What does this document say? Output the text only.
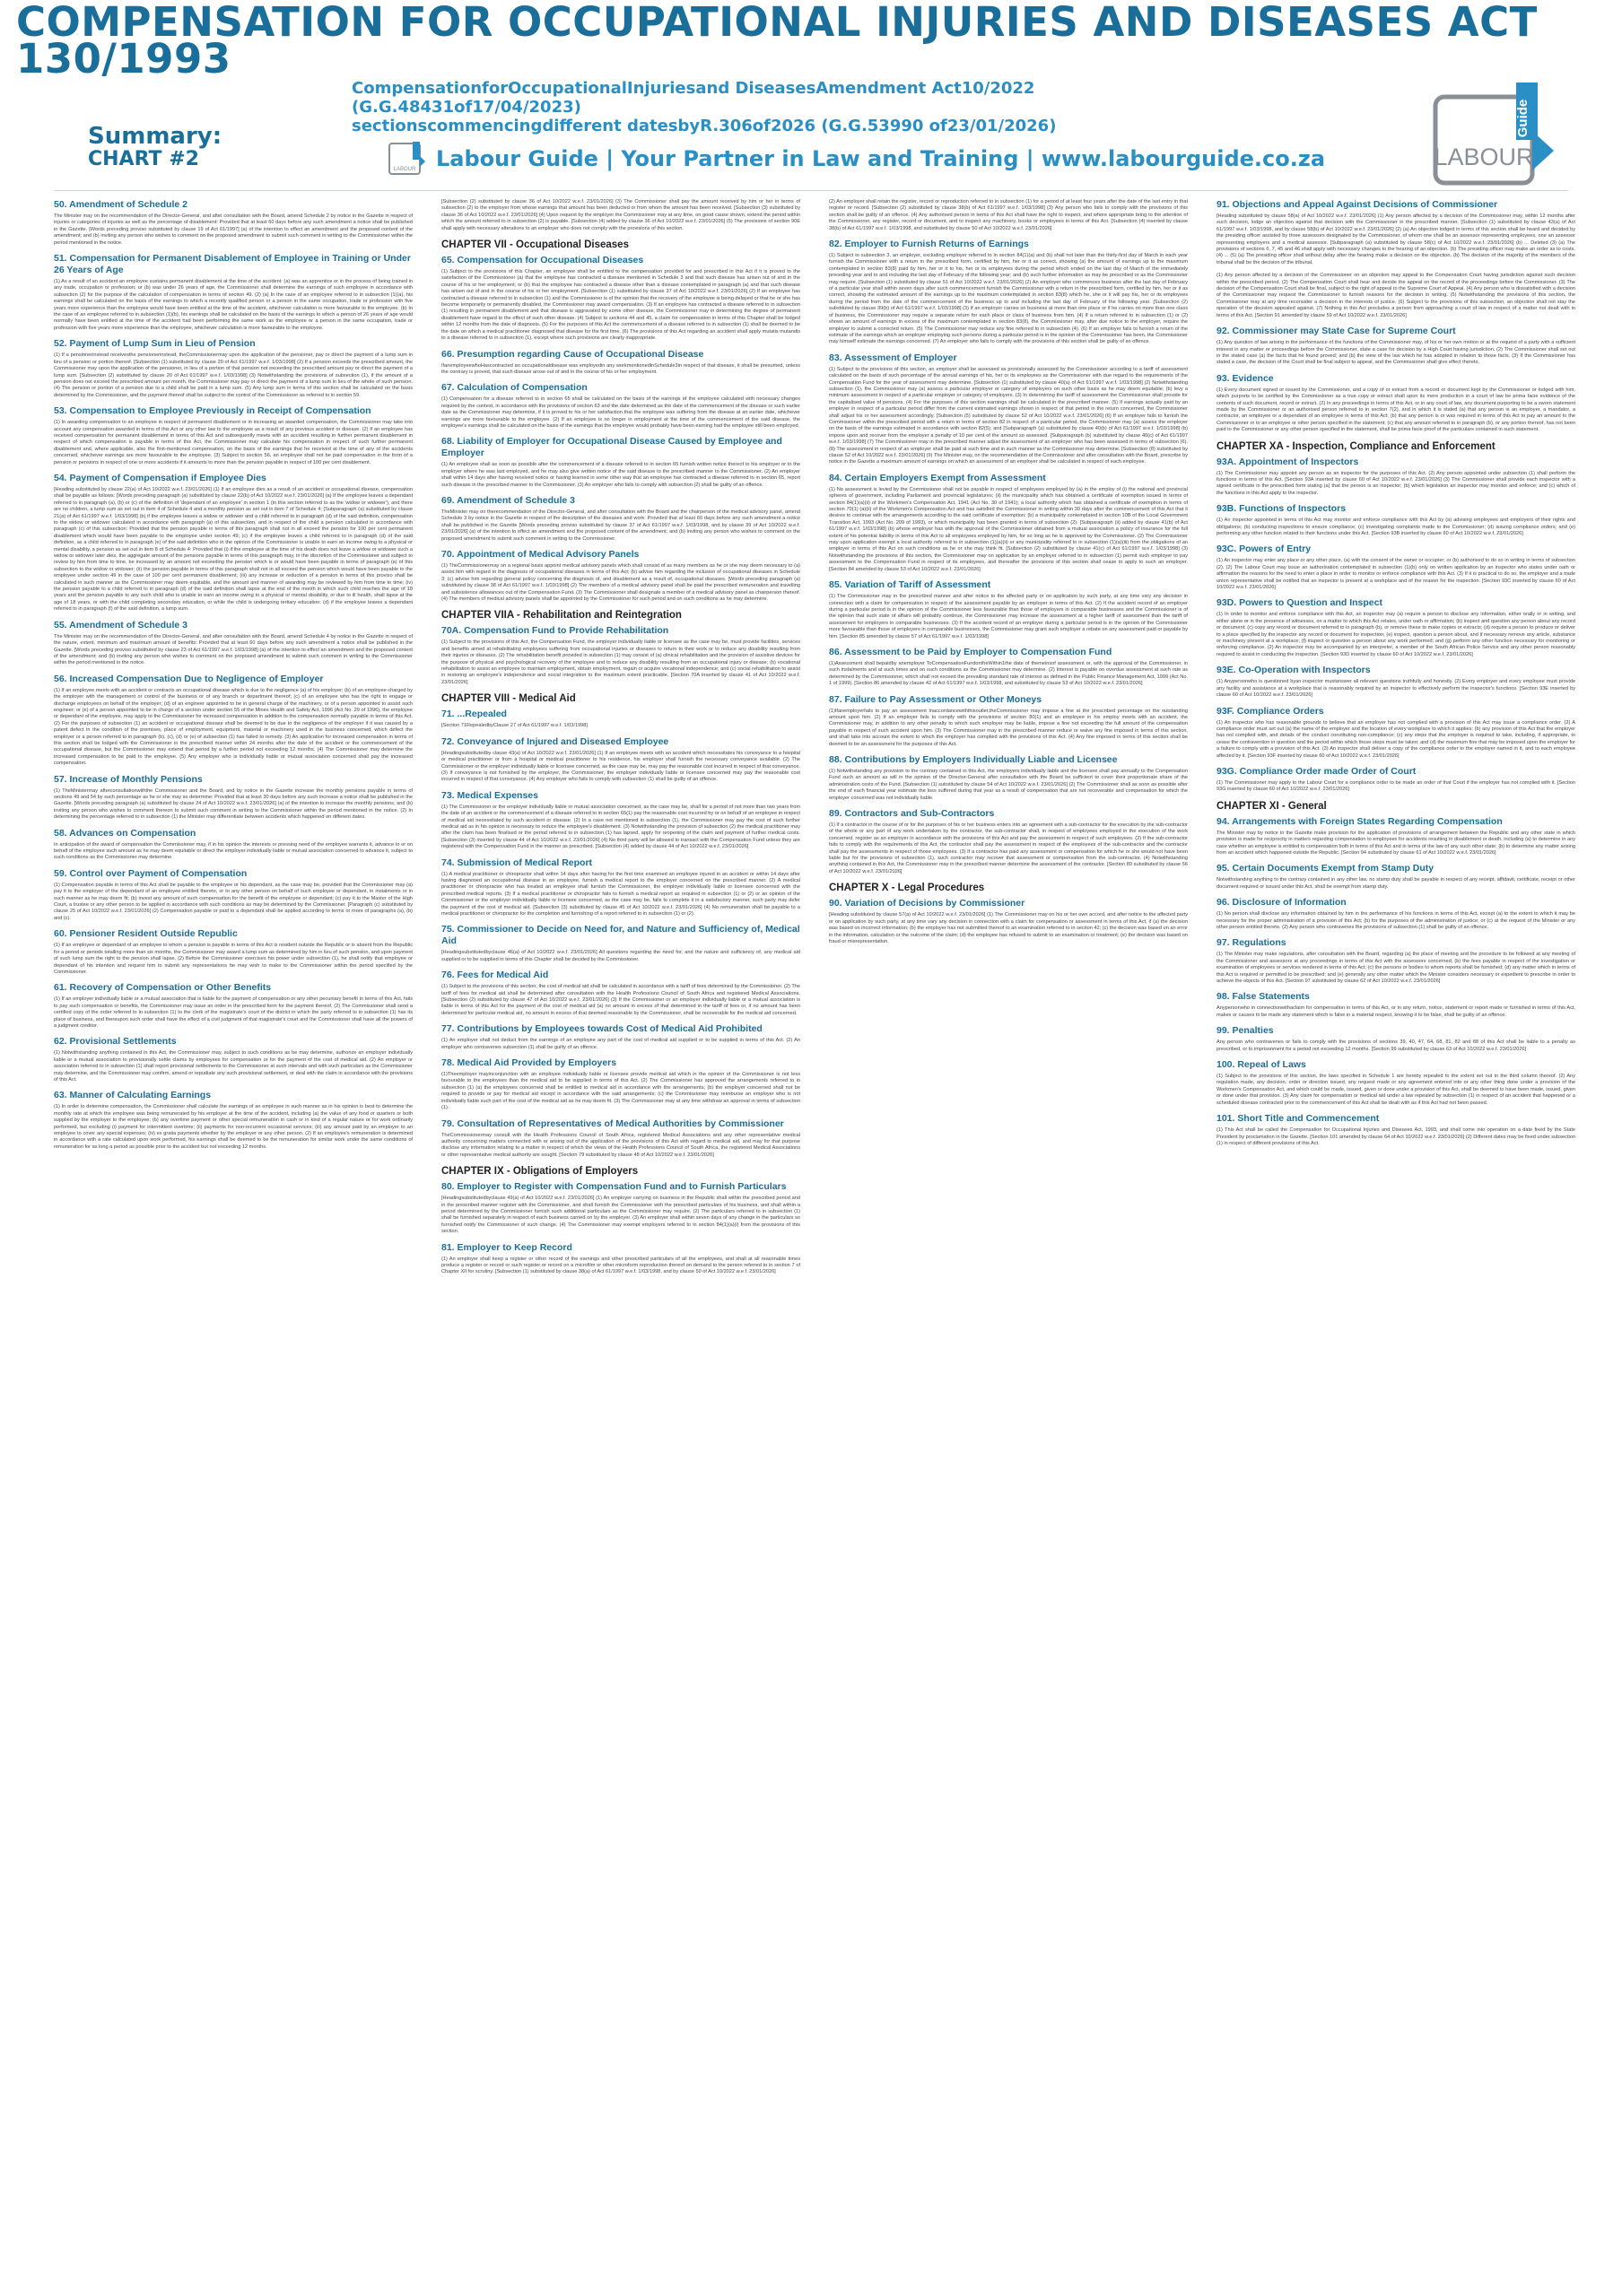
COMPENSATION FOR OCCUPATIONAL INJURIES AND DISEASES ACT 130/1993
CompensationforOccupationalInjuriesand DiseasesAmendment Act10/2022 (G.G.48431of17/04/2023)
sectionscommencingdifferent datesbyR.306of2026 (G.G.53990 of23/01/2026)
Summary:
CHART #2	LABOUR Labour Guide | Your Partner in Law and Training | www.labourguide.co.za
Guide
LABOUR
50. Amendment of Schedule 2
The Minister may on the recommendation of the Director-General, and after consultation with the Board, amend Schedule 2 by notice in the Gazette in respect of injuries or categories of injuries as well as the percentage of disablement: Provided that at least 60 days before any such amendment a notice shall be published in the Gazette. [Words preceding proviso substituted by clause 19 of Act 61/1997] (a) of the intention to effect an amendment and the proposed content of the amendment; and (b) inviting any person who wishes to comment on the proposed amendment to submit such comment in writing to the Commissioner within the period mentioned in the notice.
51. Compensation for Permanent Disablement of Employee in Training or Under 26 Years of Age
(1) As a result of an accident an employee sustains permanent disablement at the time of the accident: (a) was an apprentice or in the process of being trained in any trade, occupation or profession; or (b) was under 26 years of age, the Commissioner shall determine the earnings of such employee in accordance with subsection (2) for the purpose of the calculation of compensation in terms of section 49. (2) (a) In the case of an employee referred to in subsection (1)(a), his earnings shall be calculated on the basis of the earnings to which a recently qualified person or a person in the same occupation, trade or profession with five years more experience than the employee would have been entitled at the time of the accident, whichever calculation is more favourable to the employee. (b) In the case of an employee referred to in subsection (1)(b), his earnings shall be calculated on the basis of the earnings to which a person of 26 years of age would normally have been entitled at the time of the accident had been performing the same work as the employee or a person in the same occupation, trade or profession with five years more experience than the employee, whichever calculation is more favourable to the employee.
52. Payment of Lump Sum in Lieu of Pension
(1) If a pensionerinstead receivesthe pensionerinstead, theCommissionermay upon the application of the pensioner, pay or direct the payment of a lump sum in lieu of a pension or portion thereof. [Subsection (1) substituted by clause 20 of Act 61/1997 w.e.f. 1/03/1998] (2) If a pension exceeds the prescribed amount, the Commissioner may upon the application of the pensioner, in lieu of a portion of that pension not exceeding the prescribed amount pay or direct the payment of a lump sum. [Subsection (2) substituted by clause 20 of Act 61/1997 w.e.f. 1/03/1998] (3) Notwithstanding the provisions of subsection (1), if the amount of a pension does not exceed the prescribed amount per month, the Commissioner may pay or direct the payment of a lump sum in lieu of the whole of such pension. (4) The pension or portion of a pension due to a child shall be paid in a lump sum. (5) Any lump sum in terms of this section shall be calculated on the basis determined by the Commissioner, and the payment thereof shall be subject to the control of the Commissioner as referred to in section 59.
53. Compensation to Employee Previously in Receipt of Compensation
(1) In awarding compensation to an employee in respect of permanent disablement or in increasing an awarded compensation, the Commissioner may take into account any compensation awarded in terms of this Act or any other law to the employee as a result of any previous accident or disease. (2) If an employee has received compensation for permanent disablement in terms of this Act and subsequently meets with an accident resulting in further permanent disablement in respect of which compensation is payable in terms of this Act, the Commissioner may calculate his compensation in respect of such further permanent disablement and, where applicable, also the first-mentioned compensation, on the basis of the earnings that he received at the time of any of the accidents concerned, whichever earnings are more favourable to the employee. (3) Subject to section 56, an employee shall not be paid compensation in the form of a pension or pensions in respect of one or more accidents if it amounts to more than the pension payable in respect of 100 per cent disablement.
54. Payment of Compensation if Employee Dies
[Heading substituted by clause 22(a) of Act 10/2022 w.e.f. 23/01/2026] (1) If an employee dies as a result of an accident or occupational disease, compensation shall be payable as follows: [Words preceding paragraph (a) substituted by clause 22(b) of Act 10/2022 w.e.f. 23/01/2026] (a) If the employee leaves a dependant referred to in paragraph (a), (b) or (c) of the definition of 'dependant of an employee' in section 1 (in this section referred to as the 'widow or widower'), and there are no children, a lump sum as set out in item 4 of Schedule 4 and a monthly pension as set out in item 7 of Schedule 4; [Subparagraph (a) substituted by clause 21(a) of Act 61/1997 w.e.f. 1/03/1998] (b) if the employee leaves a widow or widower and a child referred to in paragraph (d) of the said definition, compensation to the widow or widower calculated in accordance with paragraph (a) of this subsection, and in respect of the child a pension calculated in accordance with paragraph (c) of this subsection: Provided that the pension payable in terms of this paragraph shall not in all exceed the pension for 100 per cent permanent disablement which would have been payable to the employee under section 49; (c) if the employee leaves a child referred to in paragraph (d) of the said definition, as a child referred to in paragraph (e) of the said definition who in the opinion of the Commissioner is unable to earn an income owing to a physical or mental disability, a pension as set out in item 8 of Schedule 4: Provided that (i) if the employee at the time of his death does not leave a widow or widower such a widow or widower later dies, the aggregate amount of the pensions payable in terms of this paragraph may, in the discretion of the Commissioner and subject to review by him from time to time, be increased by an amount not exceeding the pension which is or would have been payable in terms of paragraph (a) of this subsection to the widow or widower; (ii) the pension payable in terms of this paragraph shall not in all exceed the pension which would have been payable to the employee under section 49 in the case of 100 per cent permanent disablement; (iii) any increase or reduction of a pension in terms of this proviso shall be calculated in such manner as the Commissioner may deem equitable, and the amount and manner of awarding may be reviewed by him from time to time; (iv) the pension payable to a child referred to in paragraph (d) of the said definition shall lapse at the end of the month in which such child reaches the age of 18 years and the pension payable to any such child who is unable to earn an income owing to a physical or mental disability, or due to ill health, shall lapse at the age of 18 years, or with the child completing secondary education, or while the child is undergoing tertiary education; (d) if the employee leaves a dependant referred to in paragraph (f) of the said definition, a lump sum.
55. Amendment of Schedule 3
The Minister may on the recommendation of the Director-General, and after consultation with the Board, amend Schedule 4 by notice in the Gazette in respect of the nature, extent, minimum and maximum amount of benefits: Provided that at least 60 days before any such amendment a notice shall be published in the Gazette. [Words preceding proviso substituted by clause 23 of Act 61/1997 w.e.f. 1/03/1998] (a) of the intention to effect an amendment and the proposed content of the amendment; and (b) inviting any person who wishes to comment on the proposed amendment to submit such comment in writing to the Commissioner within the period mentioned in the notice.
56. Increased Compensation Due to Negligence of Employer
(1) If an employee meets with an accident or contracts an occupational disease which is due to the negligence (a) of his employer; (b) of an employee charged by the employer with the management or control of the business or of any branch or department thereof; (c) of an employee who has the right to engage or discharge employees on behalf of the employer; (d) of an engineer appointed to be in general charge of the machinery, or of a person appointed to assist such engineer; or (e) of a person appointed to be in charge of a section under section 55 of the Mines Health and Safety Act, 1996 (Act No. 29 of 1996), the employee or dependant of the employee, may apply to the Commissioner for increased compensation in addition to the compensation normally payable in terms of this Act. (2) For the purposes of subsection (1) an accident or occupational disease shall be deemed to be due to the negligence of the employer if it was caused by a patent defect in the condition of the premises, place of employment, equipment, material or machinery used in the business concerned, which defect the employer or a person referred to in paragraph (b), (c), (d) or (e) of subsection (1) has failed to remedy. (3) An application for increased compensation in terms of this section shall be lodged with the Commissioner in the prescribed manner within 24 months after the date of the accident or the commencement of the occupational disease, but the Commissioner may extend that period by a further period not exceeding 12 months. (4) The Commissioner may determine the increased compensation to be paid to the employee. (5) Any employer who is individually liable or mutual association concerned shall pay the increased compensation.
57. Increase of Monthly Pensions
(1) TheMinistermay afterconsultationwiththe Commissioner and the Board, and by notice in the Gazette increase the monthly pensions payable in terms of sections 49 and 54 by such percentage as he or she may so determine: Provided that at least 30 days before any such increase a notice shall be published in the Gazette. [Words preceding paragraph (a) substituted by clause 24 of Act 10/2022 w.e.f. 23/01/2026] (a) of the intention to increase the monthly pensions; and (b) inviting any person who wishes to comment thereon to submit such comment in writing to the Commissioner within the period mentioned in the notice. (2) In determining the percentage referred to in subsection (1) the Minister may differentiate between accidents which happened on different dates.
58. Advances on Compensation
In anticipation of the award of compensation the Commissioner may, if in his opinion the interests or pressing need of the employee warrants it, advance to or on behalf of the employee such amount as he may deem equitable or direct the employer individually liable or mutual association concerned to advance it, subject to such conditions as the Commissioner may determine.
59. Control over Payment of Compensation
(1) Compensation payable in terms of this Act shall be payable to the employee or his dependant, as the case may be, provided that the Commissioner may (a) pay it to the employer of the dependant of an employee entitled thereto, or to any other person on behalf of such employee or dependant, in instalments or in such manner as he may deem fit; (b) invest any amount of such compensation for the benefit of the employee or dependant; (c) pay it to the Master of the High Court, a trustee or any other person to be applied in accordance with such conditions as may be determined by the Commissioner. [Paragraph (c) substituted by clause 25 of Act 10/2022 w.e.f. 23/01/2026] (2) Compensation payable or paid to a dependant shall be applied according to terms or more of paragraphs (a), (b) and (c).
60. Pensioner Resident Outside Republic
(1) If an employee or dependant of an employee to whom a pension is payable in terms of this Act is resident outside the Republic or is absent from the Republic for a period or periods totalling more than six months, the Commissioner may award a lump sum as determined by him in lieu of such pension, and upon payment of such lump sum the right to the pension shall lapse. (2) Before the Commissioner exercises his power under subsection (1), he shall notify that employee or dependant of his intention and request him to submit any representations he may wish to make to the Commissioner within the period specified by the Commissioner.
61. Recovery of Compensation or Other Benefits
(1) If an employer individually liable or a mutual association that is liable for the payment of compensation or any other pecuniary benefit in terms of this Act, fails to pay such compensation or benefits, the Commissioner may issue an order in the prescribed form for the payment thereof. (2) The Commissioner shall send a certified copy of the order referred to in subsection (1) to the clerk of the magistrate's court of the district in which the party referred to in subsection (1) has its place of business, and thereupon such order shall have the effect of a civil judgment of that magistrate's court and the Commissioner shall have all the powers of a judgment creditor.
62. Provisional Settlements
(1) Notwithstanding anything contained in this Act, the Commissioner may, subject to such conditions as he may determine, authorize an employer individually liable or a mutual association to provisionally settle claims by employees for compensation or for the payment of the cost of medical aid. (2) An employer or association referred to in subsection (1) shall report provisional settlements to the Commissioner at such intervals and with such particulars as the Commissioner may determine, and the Commissioner may confirm, amend or repudiate any such provisional settlement, or deal with the claim in accordance with the provisions of this Act.
63. Manner of Calculating Earnings
(1) In order to determine compensation, the Commissioner shall calculate the earnings of an employee in such manner as in his opinion is best to determine the monthly rate at which the employee was being remunerated by his employer at the time of the accident, including (a) the value of any food or quarters or both supplied by the employer to the employee; (b) any overtime payment or other special remuneration in cash or in kind of a regular nature or for work ordinarily performed, but excluding (i) payment for intermittent overtime; (ii) payments for non-recurrent occasional services; (iii) any amount paid by an employer to an employee to cover any special expenses; (iv) ex gratia payments whether by the employer or any other person. (2) If an employee's remuneration is determined in accordance with a rate calculated upon work performed, his earnings shall be deemed to be the remuneration for similar work under the same conditions of remuneration for as long a period as possible prior to the accident but not exceeding 12 months.
[Subsection (2) substituted by clause 36 of Act 10/2022 w.e.f. 23/01/2026] (3) The Commissioner shall pay the amount received by him or her in terms of subsection (2) to the employer from whose earnings that amount has been deducted or from whom the amount has been received. [Subsection (3) substituted by clause 36 of Act 10/2022 w.e.f. 23/01/2026] (4) Upon request by the employer the Commissioner may at any time, on good cause shown, extend the period within which the amount referred to in subsection (2) is payable. [Subsection (4) added by clause 36 of Act 10/2022 w.e.f. 23/01/2026] (5) The provisions of section 90E shall apply with necessary alterations to an employer who does not comply with the provisions of this section.
CHAPTER VII - Occupational Diseases
65. Compensation for Occupational Diseases
(1) Subject to the provisions of this Chapter, an employee shall be entitled to the compensation provided for and prescribed in this Act if it is proved to the satisfaction of the Commissioner (a) that the employee has contracted a disease mentioned in Schedule 3 and that such disease has arisen out of and in the course of his or her employment; or (b) that the employee has contracted a disease other than a disease contemplated in paragraph (a) and that such disease has arisen out of and in the course of his or her employment. [Subsection (1) substituted by clause 37 of Act 10/2022 w.e.f. 23/01/2026] (2) If an employee has contracted a disease referred to in subsection (1) and the Commissioner is of the opinion that the recovery of the employee is being delayed or that he or she has become temporarily or permanently disabled, the Commissioner may award compensation. (3) If an employee has contracted a disease referred to in subsection (1) resulting in permanent disablement and that disease is aggravated by some other disease, the Commissioner may in determining the degree of permanent disablement have regard to the effect of such other disease. (4) Subject to sections 44 and 45, a claim for compensation in terms of this Chapter shall be lodged within 12 months from the date of diagnosis. (5) For the purposes of this Act the commencement of a disease referred to in subsection (1) shall be deemed to be the date on which a medical practitioner diagnosed that disease for the first time. (6) The provisions of this Act regarding an accident shall apply mutatis mutandis to a disease referred to in subsection (1), except where such provisions are clearly inappropriate.
66. Presumption regarding Cause of Occupational Disease
IfanemployeewhoHascontracted an occupationaldisease was employedin any workmentionedinSchedule3in respect of that disease, it shall be presumed, unless the contrary is proved, that such disease arose out of and in the course of his or her employment.
67. Calculation of Compensation
(1) Compensation for a disease referred to in section 65 shall be calculated on the basis of the earnings of the employee calculated with necessary changes required by the context, in accordance with the provisions of section 63 and the date determined as the date of the commencement of the disease or such earlier date as the Commissioner may determine, if it is proved to his or her satisfaction that the employee was suffering from the disease at an earlier date, whichever earnings are more favourable to the employee. (2) If an employee is no longer in employment at the time of the commencement of the said disease, the employee's earnings shall be calculated on the basis of the earnings that the employee would probably have been earning had the employee still been employed.
68. Liability of Employer for Occupational Disease Caused by Employee and Employer
(1) An employee shall as soon as possible after the commencement of a disease referred to in section 65 furnish written notice thereof to his employer or to the employer where he was last employed, and he may also give written notice of the said disease to the prescribed manner to the Commissioner. (2) An employer shall within 14 days after having received notice or having learned in some other way that an employee has contracted a disease referred to in section 65, report such disease in the prescribed manner to the Commissioner. (3) An employer who fails to comply with subsection (2) shall be guilty of an offence.
69. Amendment of Schedule 3
TheMinister may on therecommendation of the Director-General, and after consultation with the Board and the chairperson of the medical advisory panel, amend Schedule 3 by notice in the Gazette in respect of the description of the diseases and work: Provided that at least 60 days before any such amendment a notice shall be published in the Gazette [Words preceding proviso substituted by clause 37 of Act 61/1997 w.e.f. 1/03/1998, and by clause 39 of Act 10/2022 w.e.f. 23/01/2026] (a) of the intention to effect an amendment and the proposed content of the amendment; and (b) inviting any person who wishes to comment on the proposed amendment to submit such comment in writing to the Commissioner.
70. Appointment of Medical Advisory Panels
(1) TheCommissionermay on a regional basis appoint medical advisory panels which shall consist of as many members as he or she may deem necessary to (a) assist him with regard to the diagnosis of occupational diseases in terms of this Act; (b) advise him regarding the inclusion of occupational diseases in Schedule 3; (c) advise him regarding general policy concerning the diagnosis of, and disablement as a result of, occupational diseases. [Words preceding paragraph (a) substituted by clause 38 of Act 61/1997 w.e.f. 1/03/1998] (2) The members of a medical advisory panel shall be paid the prescribed remuneration and travelling and subsistence allowances out of the Compensation Fund. (3) The Commissioner shall designate a member of a medical advisory panel as chairperson thereof. (4) The members of medical advisory panels shall be appointed by the Commissioner for such period and on such conditions as he may determine.
CHAPTER VIIA - Rehabilitation and Reintegration
70A. Compensation Fund to Provide Rehabilitation
(1) Subject to the provisions of this Act, the Compensation Fund, the employer individually liable or licensee as the case may be, must provide facilities, services and benefits aimed at rehabilitating employees suffering from occupational injuries or diseases to return to their work or to reduce any disability resulting from their injuries or diseases. (2) The rehabilitation benefit provided in subsection (1) may consist of (a) clinical rehabilitation and the provision of assistive devices for the purpose of physical and psychological recovery of the employee and to reduce any disability resulting from an occupational injury or disease; (b) vocational rehabilitation to assist an employee to maintain employment, obtain employment, regain or acquire vocational independence; and (c) social rehabilitation to assist in restoring an employee's independence and social integration to the maximum extent practicable. [Section 70A inserted by clause 41 of Act 10/2022 w.e.f. 23/01/2026]
CHAPTER VIII - Medical Aid
71. ...Repealed
[Section 71RepealedbyClause 27 of Act 61/1997 w.e.f. 1/03/1998]
72. Conveyance of Injured and Diseased Employee
[Headingsubstitutedby clause 43(a) of Act 10/2022 w.e.f. 23/01/2026] (1) If an employee meets with an accident which necessitates his conveyance to a hospital or medical practitioner or from a hospital or medical practitioner to his residence, his employer shall furnish the necessary conveyance available. (2) The Commissioner or the employer individually liable or licensee concerned, as the case may be, may pay the reasonable cost incurred in respect of that conveyance. (3) If conveyance is not furnished by the employer, the Commissioner, the employer individually liable or licensee concerned may pay the reasonable cost incurred in respect of that conveyance. (4) Any employer who fails to comply with subsection (1) shall be guilty of an offence.
73. Medical Expenses
(1) The Commissioner or the employer individually liable or mutual association concerned, as the case may be, shall for a period of not more than two years from the date of an accident or the commencement of a disease referred to in section 65(1) pay the reasonable cost incurred by or on behalf of an employee in respect of medical aid necessitated by such accident or disease. (2) In a case not mentioned in subsection (1), the Commissioner may pay the cost of such further medical aid as in his opinion is necessary to reduce the employee's disablement. (3) Notwithstanding the provision of subsection (2) the medical practitioner may after the claim has been finalised or the period referred to in subsection (1) has lapsed, apply for reopening of the claim and payment of further medical costs. [Subsection (3) inserted by clause 44 of Act 10/2022 w.e.f. 23/01/2026] (4) No third party will be allowed to transact with the Compensation Fund unless they are registered with the Compensation Fund in the manner as prescribed. [Subsection (4) added by clause 44 of Act 10/2022 w.e.f. 23/01/2026]
74. Submission of Medical Report
(1) A medical practitioner or chiropractor shall within 14 days after having for the first time examined an employee injured in an accident or within 14 days after having diagnosed an occupational disease in an employee, furnish a medical report to the employer concerned on the prescribed manner. (2) A medical practitioner or chiropractor who has treated an employee shall furnish the Commissioner, the employer individually liable or licensee concerned with the prescribed medical reports. (3) If a medical practitioner or chiropractor fails to furnish a medical report as required in subsection (1) or (2) or an opinion of the Commissioner or the employer individually liable or licensee concerned, as the case may be, fails to complete it in a satisfactory manner, such party may defer the payment of the cost of medical aid. [Subsection (3) substituted by clause 45 of Act 10/2022 w.e.f. 23/01/2026] (4) No remuneration shall be payable to a medical practitioner or chiropractor for the completion and furnishing of a report referred to in subsection (1) or (2).
75. Commissioner to Decide on Need for, and Nature and Sufficiency of, Medical Aid
[Headingsubstitutedbyclause 46(a) of Act 10/2022 w.e.f. 23/01/2026] All questions regarding the need for, and the nature and sufficiency of, any medical aid supplied or to be supplied in terms of this Chapter shall be decided by the Commissioner.
76. Fees for Medical Aid
(1) Subject to the provisions of this section, the cost of medical aid shall be calculated in accordance with a tariff of fees determined by the Commissioner. (2) The tariff of fees for medical aid shall be determined after consultation with the Health Professions Council of South Africa and registered Medical Associations. [Subsection (2) substituted by clause 47 of Act 10/2022 w.e.f. 23/01/2026] (3) If the Commissioner or an employer individually liable or a mutual association is liable in terms of this Act for the payment of the cost of medical aid (a) no amount in excess of that determined in the tariff of fees or, if no amount has been determined for particular medical aid, no amount in excess of that deemed reasonable by the Commissioner, shall be recoverable for the medical aid concerned.
77. Contributions by Employees towards Cost of Medical Aid Prohibited
(1) An employer shall not deduct from the earnings of an employee any part of the cost of medical aid supplied or to be supplied in terms of this Act. (2) An employer who contravenes subsection (1) shall be guilty of an offence.
78. Medical Aid Provided by Employers
(1)Theemployer mayinconjunction with an employee individually liable or licensee provide medical aid which in the opinion of the Commissioner is not less favourable to the employees than the medical aid to be supplied in terms of this Act. (2) The Commissioner has approved the arrangements referred to in subsection (1) (a) the employees concerned shall be entitled to medical aid in accordance with the arrangements; (b) the employer concerned shall not be required to provide or pay for medical aid except in accordance with the said arrangements; (c) the Commissioner may reimburse an employer who is not individually liable such part of the cost of the medical aid as he may deem fit. (3) The Commissioner may at any time withdraw an approval in terms of subsection (1).
79. Consultation of Representatives of Medical Authorities by Commissioner
TheCommissionermay consult with the Health Professions Council of South Africa, registered Medical Associations and any other representative medical authority concerning matters connected with or arising out of the application of the provisions of this Act with regard to medical aid, and may for that purpose disclose any information relating to a matter in respect of which the views of the Health Professions Council of South Africa, the registered Medical Associations or other representative medical authority are sought. [Section 79 substituted by clause 48 of Act 10/2022 w.e.f. 23/01/2026]
CHAPTER IX - Obligations of Employers
80. Employer to Register with Compensation Fund and to Furnish Particulars
[Headingsubstitutedbyclause 49(a) of Act 10/2022 w.e.f. 23/01/2026] (1) An employer carrying on business in the Republic shall within the prescribed period and in the prescribed manner register with the Commissioner, and shall furnish the Commissioner with the prescribed particulars of his business, and shall within a period determined by the Commissioner furnish such additional particulars as the Commissioner may require. (2) The particulars referred to in subsection (1) shall be furnished separately in respect of each business carried on by the employer. (3) An employer shall within seven days of any change in the particulars so furnished notify the Commissioner of such change. (4) The Commissioner may exempt employers referred to in section 84(1)(a)(i) from the provisions of this section.
81. Employer to Keep Record
(1) An employer shall keep a register or other record of the earnings and other prescribed particulars of all the employees, and shall at all reasonable times produce a register or record or such register or record on a microfilm or other microform reproduction thereof on demand to the person referred to in section 7 of Chapter XII for scrutiny. [Subsection (1) substituted by clause 38(a) of Act 61/1997 w.e.f. 1/03/1998, and by clause 50 of Act 10/2022 w.e.f. 23/01/2026]
(2) An employer shall retain the register, record or reproduction referred to in subsection (1) for a period of at least four years after the date of the last entry in that register or record. [Subsection (2) substituted by clause 38(b) of Act 61/1997 w.e.f. 1/03/1998] (3) Any person who fails to comply with the provisions of this section shall be guilty of an offence. (4) Any authorised person in terms of this Act shall have the right to inspect, and where appropriate bring to the attention of the Commissioner, any register, record or document, and to inspect any machinery, books or employees in terms of this Act. [Subsection (4) inserted by clause 38(b) of Act 61/1997 w.e.f. 1/03/1998, and substituted by clause 50 of Act 10/2022 w.e.f. 23/01/2026]
82. Employer to Furnish Returns of Earnings
(1) Subject to subsection 3, an employer, excluding employer referred to in section 84(1)(a) and (b) shall not later than the thirty-first day of March in each year furnish the Commissioner with a return in the prescribed form, certified by him, her or it as correct, showing (a) the amount of earnings up to the maximum contemplated in section 83(8) paid by him, her or it to his, her or its employees during the period which ended on the last day of March of the immediately preceding year and to and including the last day of February of the following year; and (b) such further information as may be prescribed or as the Commissioner may require. [Subsection (1) substituted by clause 51 of Act 10/2022 w.e.f. 23/01/2026] (2) An employer who commences business after the last day of February of a particular year shall within seven days after such commencement furnish the Commissioner with a return in the prescribed form, certified by him, her or it as correct, showing the estimated amount of the earnings up to the maximum contemplated in section 83(8) which he, she or it will pay his, her or its employees during the period from the date of the commencement of the business up to and including the last day of February of the following year. [Subsection (2) substituted by clause 39(b) of Act 61/1997 w.e.f. 1/03/1998] (3) If an employer carries on business at more than one place or if he carries on more than one class of business, the Commissioner may require a separate return for each place or class of business from him. (4) If a return referred to in subsection (1) or (2) shows an amount of earnings in excess of the maximum contemplated in section 83(8), the Commissioner may, after due notice to the employer, require the employer to submit a corrected return. (5) The Commissioner may reduce any fine referred to in subsection (4). (6) If an employer fails to furnish a return of the estimate of the earnings which an employer employing such persons during a particular period is in the opinion of the Commissioner has been, the Commissioner may himself estimate the earnings concerned. (7) An employer who fails to comply with the provisions of this section shall be guilty of an offence.
83. Assessment of Employer
(1) Subject to the provisions of this section, an employer shall be assessed as provisionally assessed by the Commissioner according to a tariff of assessment calculated on the basis of such percentage of the annual earnings of his, her or its employees as the Commissioner with due regard to the requirements of the Compensation Fund for the year of assessment may determine. [Subsection (1) substituted by clause 40(a) of Act 61/1997 w.e.f. 1/03/1998] (2) Notwithstanding subsection (1), the Commissioner may (a) assess a particular employer or category of employers on such other basis as he may deem equitable; (b) levy a minimum assessment in respect of a particular employer or category of employers. (3) In determining the tariff of assessment the Commissioner shall provide for the capitalised value of pensions. (4) For the purposes of this section earnings shall be calculated in the prescribed manner. (5) If earnings actually paid by an employer in respect of a particular period differ from the current estimated earnings shown in respect of that period in the return concerned, the Commissioner shall adjust his or her assessment accordingly. [Subsection (5) substituted by clause 52 of Act 10/2022 w.e.f. 23/01/2026] (6) If an employer fails to furnish the Commissioner within the prescribed period with a return in terms of section 82 in respect of a particular period, the Commissioner may (a) assess the employer on the basis of the earnings estimated in accordance with section 82(5); and [Subparagraph (a) substituted by clause 40(b) of Act 61/1997 w.e.f. 1/03/1998] (b) impose upon and recover from the employer a penalty of 10 per cent of the amount so assessed. [Subparagraph (b) substituted by clause 40(c) of Act 61/1997 w.e.f. 1/03/1998] (7) The Commissioner may in the prescribed manner adjust the assessment of an employer who has been assessed in terms of subsection (6). (8) The assessment in respect of an employer shall be paid at such time and in such manner as the Commissioner may determine. [Subsection (8) substituted by clause 52 of Act 10/2022 w.e.f. 23/01/2026] (9) The Minister may, on the recommendation of the Commissioner and after consultation with the Board, prescribe by notice in the Gazette a maximum amount of earnings on which an assessment of an employer shall be calculated in respect of each employee.
84. Certain Employers Exempt from Assessment
(1) No assessment is levied by the Commissioner shall not be payable in respect of employees employed by (a) in the employ of (i) the national and provincial spheres of government, including Parliament and provincial legislatures; (ii) the municipality which has obtained a certificate of exemption issued in terms of section 84(1)(a)(ii) of the Workmen's Compensation Act, 1941 (Act No. 30 of 1941); a local authority which has obtained a certificate of exemption in terms of section 70(1) (a)(ii) of the Workmen's Compensation Act and has satisfied the Commissioner in writing within 30 days after the commencement of this Act that it desires to continue with the arrangements according to the said certificate of exemption; (b) a municipality contemplated in section 10B of the Local Government Transition Act, 1993 (Act No. 209 of 1993), or which municipality has been granted in terms of subsection (2). [Subparagraph (ii) added by clause 41(b) of Act 61/1997 w.e.f. 1/03/1998] (b) whose employer has with the approval of the Commissioner obtained from a mutual association a policy of insurance for the full extent of his potential liability in terms of this Act to all employees employed by him, for so long as he is approved by the Commissioner. (2) The Commissioner may upon application exempt a local authority referred to in subsection (1)(a)(ii) or any municipality referred to in subsection (1)(a)(iii) from the obligations of an employer in terms of this Act on such conditions as he or she may think fit. [Subsection (2) substituted by clause 41(c) of Act 61/1997 w.e.f. 1/03/1998] (3) Notwithstanding the provisions of this section, the Commissioner may on application by an employer referred to in subsection (1) permit such employer to pay assessment to the Compensation Fund in respect of its employees, and thereafter the provisions of this section shall cease to apply to such an employer. [Section 84 amended by clause 53 of Act 10/2022 w.e.f. 23/01/2026]
85. Variation of Tariff of Assessment
(1) The Commissioner may in the prescribed manner and after notice to the affected party or on application by such party, at any time vary any decision in connection with a claim for compensation in respect of the assessment payable by an employer in terms of this Act. (2) If the accident record of an employer during a particular period is in the opinion of the Commissioner less favourable than those of employers in comparable businesses and the Commissioner is of the opinion that such state of affairs will probably continue, the Commissioner may increase the assessment at a higher tariff of assessment than the tariff of assessment for employers in comparable businesses. (3) If the accident record of an employer during a particular period is in the opinion of the Commissioner more favourable than those of employers in comparable businesses, the Commissioner may grant such employer a rebate on any assessment paid or payable by him. [Section 85 amended by clause 57 of Act 61/1997 w.e.f. 1/03/1998]
86. Assessment to be Paid by Employer to Compensation Fund
(1)Assessment shall bepaidby anemployer ToCompensationFundontheWithin1the date of themeinsof assessment or, with the approval of the Commissioner, in such instalments and at such times and on such conditions as the Commissioner may determine. (2) Interest is payable on overdue assessment at such rate as determined by the Commissioner, which shall not exceed the prevailing standard rate of interest as defined in the Public Finance Management Act, 1999 (Act No. 1 of 1999). [Section 86 amended by clause 42 of Act 61/1997 w.e.f. 1/03/1998, and substituted by clause 53 of Act 10/2022 w.e.f. 23/01/2026]
87. Failure to Pay Assessment or Other Moneys
(1)Ifanemployerfails to pay an assessment Inaccordancewiththisoutlet,theCommissioner may impose a fine at the prescribed percentage on the outstanding amount upon him. (2) If an employer fails to comply with the provisions of section 80(1) and an employee in his employ meets with an accident, the Commissioner may, in addition to any other penalty to which such employer may be liable, impose a fine not exceeding the full amount of the compensation payable in respect of such accident upon him. (3) The Commissioner may in the prescribed manner reduce or waive any fine imposed in terms of this section, and shall take into account the extent to which the employer has complied with the provisions of this Act. (4) Any fine imposed in terms of this section shall be deemed to be an assessment for the purposes of this Act.
88. Contributions by Employers Individually Liable and Licensee
(1) Notwithstanding any provision to the contrary contained in this Act, the employers individually liable and the licensee shall pay annually to the Compensation Fund such an amount as will in the opinion of the Director-General after consultation with the Board be sufficient to cover their proportionate share of the administration costs of the Fund. [Subsection (1) substituted by clause 54 of Act 10/2022 w.e.f. 23/01/2026] (2) The Commissioner shall as soon as possible after the end of each financial year estimate the loss suffered during that year as a result of compensation that are not recoverable and compensation for which the employer concerned was not individually liable.
89. Contractors and Sub-Contractors
(1) If a contractor in the course of or for the purposes of his or her business enters into an agreement with a sub-contractor for the execution by the sub-contractor of the whole or any part of any work undertaken by the contractor, the sub-contractor shall, in respect of employees employed in the execution of the work concerned, register as an employer in accordance with the provisions of this Act and pay the assessment in respect of such employees. (2) If the sub-contractor fails to comply with the requirements of this Act, the contractor shall pay the assessment in respect of the employees of the sub-contractor and the contractor shall pay the assessments in respect of those employees. (3) If a contractor has paid any assessment or compensation for which he or she would not have been liable but for the provisions of subsection (1), such contractor may recover that assessment or compensation from the sub-contractor. (4) Notwithstanding anything contained in this Act, the Commissioner may in the prescribed manner determine the assessment of the contractor. [Section 89 substituted by clause 56 of Act 10/2022 w.e.f. 23/01/2026]
CHAPTER X - Legal Procedures
90. Variation of Decisions by Commissioner
[Heading substituted by clause 57(a) of Act 10/2022 w.e.f. 23/01/2026] (1) The Commissioner may on his or her own accord, and after notice to the affected party or on application by such party, at any time vary any decision in connection with a claim for compensation or assessment in terms of this Act, if (a) the decision was based on incorrect information; (b) the employer has not submitted thereof to an examination referred to in section 42; (c) the decision was based on an error in the information, calculation or the outcome of the claim; (d) the employee has refused to submit to an examination or treatment; (e) the decision was based on fraud or misrepresentation.
91. Objections and Appeal Against Decisions of Commissioner
[Heading substituted by clause 58(a) of Act 10/2022 w.e.f. 23/01/2026] (1) Any person affected by a decision of the Commissioner may, within 12 months after such decision, lodge an objection against that decision with the Commissioner in the prescribed manner. [Subsection (1) substituted by clause 43(a) of Act 61/1997 w.e.f. 1/03/1998, and by clause 58(b) of Act 10/2022 w.e.f. 23/01/2026] (2) (a) An objection lodged in terms of this section shall be heard and decided by the presiding officer assisted by three assessors designated by the Commissioner, of whom one shall be an assessor representing employees, one an assessor representing employers and a medical assessor. [Subparagraph (a) substituted by clause 58(c) of Act 10/2022 w.e.f. 23/01/2026] (b) ... Deleted (3) (a) The provisions of sections 6, 7, 45 and 46 shall apply with necessary changes to the hearing of an objection. (b) The presiding officer may make an order as to costs. (4) ... (5) (a) The presiding officer shall without delay after the hearing make a decision on the objection. (b) The decision of the majority of the members of the tribunal shall be the decision of the tribunal.
(1) Any person affected by a decision of the Commissioner on an objection may appeal to the Compensation Court having jurisdiction against such decision within the prescribed period. (2) The Compensation Court shall hear and decide the appeal on the record of the proceedings before the Commissioner. (3) The decision of the Compensation Court shall be final, subject to the right of appeal to the Supreme Court of Appeal. (4) Any person who is dissatisfied with a decision of the Commissioner may request the Commissioner to furnish reasons for the decision in writing. (5) Notwithstanding the provisions of this section, the Commissioner may at any time reconsider a decision in the interests of justice. (6) Subject to the provisions of this subsection, an objection shall not stay the operation of the decision appealed against. (7) Nothing in this Act precludes a person from approaching a court of law in respect of a matter not dealt with in terms of this Act. [Section 91 amended by clause 59 of Act 10/2022 w.e.f. 23/01/2026]
92. Commissioner may State Case for Supreme Court
(1) Any question of law arising in the performance of the functions of the Commissioner may, of his or her own motion or at the request of a party with a sufficient interest in any matter or proceedings before the Commissioner, state a case for decision by a High Court having jurisdiction. (2) The Commissioner shall set out in the stated case (a) the facts that he found proved; and (b) the view of the law which he has adopted in relation to those facts. (3) If the Commissioner has stated a case, the decision of the Court shall be final subject to appeal, and the Commissioner shall give effect thereto.
93. Evidence
(1) Every document signed or issued by the Commissioner, and a copy of or extract from a record or document kept by the Commissioner or lodged with him, which purports to be certified by the Commissioner as a true copy or extract shall upon its mere production in a court of law be prima facie evidence of the contents of such document, record or extract. (2) In any proceedings in terms of this Act, or in any court of law, any document purporting to be a sworn statement made by the Commissioner or an authorised person referred to in section 7(2), and in which it is stated (a) that any person is an employer, a mandator, a contractor, an employee or a dependant of an employee in terms of this Act; (b) that any person is or was required in terms of this Act to pay an amount to the Commissioner or to an employee or other person specified in the statement; (c) that any amount referred to in paragraph (b), or any portion thereof, has not been paid to the Commissioner or any other person specified in the statement, shall be prima facie proof of the particulars contained in such statement.
CHAPTER XA - Inspection, Compliance and Enforcement
93A. Appointment of Inspectors
(1) The Commissioner may appoint any person as an inspector for the purposes of this Act. (2) Any person appointed under subsection (1) shall perform the functions in terms of this Act. [Section 93A inserted by clause 60 of Act 10/2022 w.e.f. 23/01/2026] (3) The Commissioner shall provide each inspector with a signed certificate in the prescribed form stating (a) that the person is an inspector; (b) which legislation an inspector may monitor and enforce; and (c) which of the functions in this Act apply to the inspector.
93B. Functions of Inspectors
(1) An inspector appointed in terms of this Act may monitor and enforce compliance with this Act by (a) advising employees and employers of their rights and obligations; (b) conducting inspections to ensure compliance; (c) investigating complaints made to the Commissioner; (d) issuing compliance orders; and (e) performing any other function related to their functions under this Act. [Section 93B inserted by clause 60 of Act 10/2022 w.e.f. 23/01/2026]
93C. Powers of Entry
(1) An inspector may enter any place or any other place, (a) with the consent of the owner or occupier; or (b) authorised to do so in writing in terms of subsection (2). (2) The Labour Court may issue an authorisation contemplated in subsection (1)(b) only on written application by an inspector who states under oath or affirmation the reasons for the need to enter a place in order to monitor or enforce compliance with this Act. (3) If it is practical to do so, the employer and a trade union representative shall be notified that an inspector is present at a workplace and of the reason for the inspection. [Section 93C inserted by clause 60 of Act 10/2022 w.e.f. 23/01/2026]
93D. Powers to Question and Inspect
(1) In order to monitor and enforce compliance with this Act, an inspector may (a) require a person to disclose any information, either orally or in writing, and either alone or in the presence of witnesses, on a matter to which this Act relates, under oath or affirmation; (b) inspect and question any person about any record or document; (c) copy any record or document referred to in paragraph (b), or remove these to make copies or extracts; (d) require a person to produce or deliver to a place specified by the inspector any record or document for inspection; (e) inspect, question a person about, and if necessary remove any article, substance or machinery present at a workplace; (f) inspect or question a person about any work performed; and (g) perform any other function necessary for monitoring or enforcing compliance. (2) An inspector may be accompanied by an interpreter, a member of the South African Police Service and any other person reasonably required to assist in conducting the inspection. [Section 93D inserted by clause 60 of Act 10/2022 w.e.f. 23/01/2026]
93E. Co-Operation with Inspectors
(1) Anypersonwho is questioned byan inspector mustanswer all relevant questions truthfully and honestly. (2) Every employer and every employee must provide any facility and assistance at a workplace that is reasonably required by an inspector to effectively perform the inspector's functions. [Section 93E inserted by clause 60 of Act 10/2022 w.e.f. 23/01/2026]
93F. Compliance Orders
(1) An inspector who has reasonable grounds to believe that an employer has not complied with a provision of this Act may issue a compliance order. (2) A compliance order must set out (a) the name of the employer and the location of every workplace to which it applies; (b) any provision of this Act that the employer has not complied with, and details of the conduct constituting non-compliance; (c) any steps that the employer is required to take, including, if appropriate, to cease the contravention in question and the period within which those steps must be taken; and (d) the maximum fine that may be imposed upon the employer for a failure to comply with a provision of this Act. (3) An inspector shall deliver a copy of the compliance order to the employer named in it, and to each employee affected by it. [Section 93F inserted by clause 60 of Act 10/2022 w.e.f. 23/01/2026]
93G. Compliance Order made Order of Court
(1) The Commissioner may apply to the Labour Court for a compliance order to be made an order of that Court if the employer has not complied with it. [Section 93G inserted by clause 60 of Act 10/2022 w.e.f. 23/01/2026]
CHAPTER XI - General
94. Arrangements with Foreign States Regarding Compensation
The Minister may by notice in the Gazette make provision for the application of provisions of arrangement between the Republic and any other state in which provision is made for reciprocity in matters regarding compensation to employees for accidents resulting in disablement or death, including (a) to determine in any case whether an employee is entitled to compensation both in terms of this Act and in terms of the law of any such other state; (b) to determine any matter arising from an accident which happened outside the Republic. [Section 94 substituted by clause 61 of Act 10/2022 w.e.f. 23/01/2026]
95. Certain Documents Exempt from Stamp Duty
Notwithstanding anything to the contrary contained in any other law, no stamp duty shall be payable in respect of any receipt, affidavit, certificate, receipt or other document required or issued under this Act, shall be exempt from stamp duty.
96. Disclosure of Information
(1) No person shall disclose any information obtained by him in the performance of his functions in terms of this Act, except (a) to the extent to which it may be necessary for the proper administration of a provision of this Act; (b) for the purposes of the administration of justice; or (c) at the request of the Minister or any other person entitled thereto. (2) Any person who contravenes the provisions of subsection (1) shall be guilty of an offence.
97. Regulations
(1) The Minister may make regulations, after consultation with the Board, regarding (a) the place of meeting and the procedure to be followed at any meeting of the Commissioner and assessors at any proceedings in terms of this Act with the assessors concerned; (b) the fees payable in respect of the investigation or examination of employees or services rendered in terms of this Act; (c) the persons or bodies to whom reports shall be furnished; (d) any matter which in terms of this Act is required or permitted to be prescribed; and (e) generally any other matter which the Minister considers necessary or expedient to prescribe in order to achieve the objects of this Act. [Section 97 substituted by clause 62 of Act 10/2022 w.e.f. 23/01/2026]
98. False Statements
Anypersonwho in connectionwithaclaim for compensation in terms of this Act, or in any return, notice, statement or report made or furnished in terms of this Act, makes or causes to be made any statement which is false in a material respect, knowing it to be false, shall be guilty of an offence.
99. Penalties
Any person who contravenes or fails to comply with the provisions of sections 39, 40, 47, 64, 68, 81, 82 and 88 of this Act shall be liable to a penalty as prescribed, or to imprisonment for a period not exceeding 12 months. [Section 99 substituted by clause 63 of Act 10/2022 w.e.f. 23/01/2026]
100. Repeal of Laws
(1) Subject to the provisions of this section, the laws specified in Schedule 1 are hereby repealed to the extent set out in the third column thereof. (2) Any regulation made, any decision, order or direction issued, any request made or any agreement entered into or any other thing done under a provision of the Workmen's Compensation Act, and which could be made, issued, given or done under a provision of this Act, shall be deemed to have been made, issued, given or done under that provision. (3) Any claim for compensation or medical aid under a law repealed by subsection (1) in respect of an accident that happened or a scheduled disease contracted prior to the commencement of this Act shall be dealt with as if this Act had not been passed.
101. Short Title and Commencement
(1) This Act shall be called the Compensation for Occupational Injuries and Diseases Act, 1993, and shall come into operation on a date fixed by the State President by proclamation in the Gazette. [Section 101 amended by clause 64 of Act 10/2022 w.e.f. 23/01/2026] (2) Different dates may be fixed under subsection (1) in respect of different provisions of this Act.
